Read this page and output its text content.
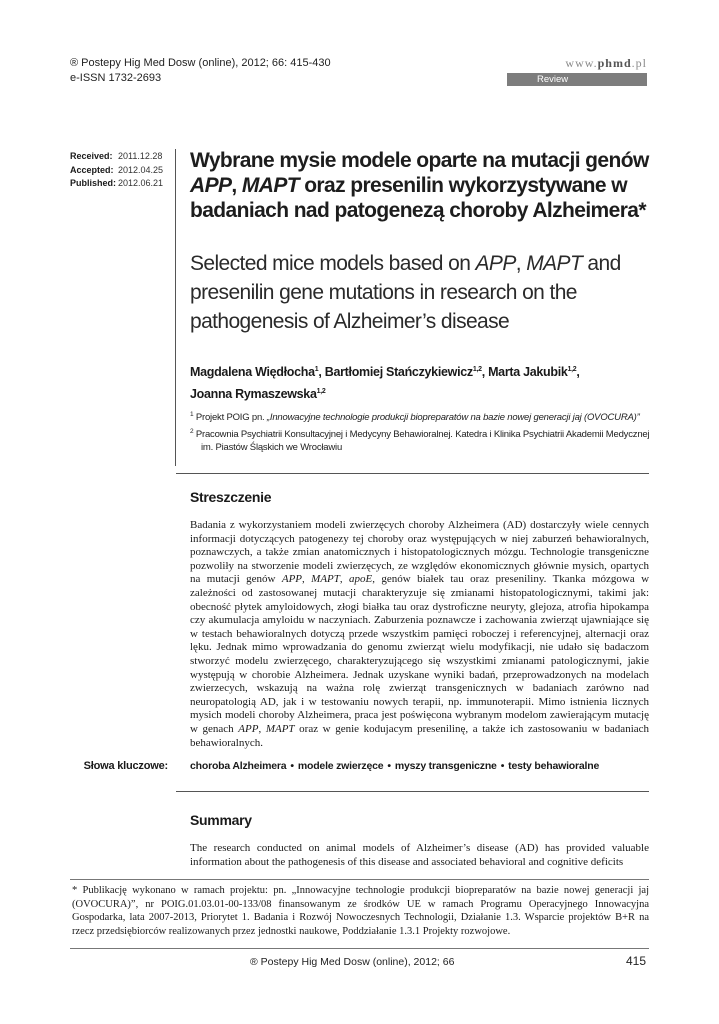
® Postepy Hig Med Dosw (online), 2012; 66: 415-430
e-ISSN 1732-2693
www.phmd.pl
Review
Received: 2011.12.28
Accepted: 2012.04.25
Published: 2012.06.21
Wybrane mysie modele oparte na mutacji genów APP, MAPT oraz presenilin wykorzystywane w badaniach nad patogenezą choroby Alzheimera*
Selected mice models based on APP, MAPT and presenilin gene mutations in research on the pathogenesis of Alzheimer’s disease
Magdalena Więdłocha$^1$, Bartłomiej Stańczykiewicz$^{1,2}$, Marta Jakubik$^{1,2}$,
Joanna Rymaszewska$^{1,2}$
$^1$ Projekt POIG pn. „Innowacyjne technologie produkcji biopreparatów na bazie nowej generacji jaj (OVOCURA)”
$^2$ Pracownia Psychiatrii Konsultacyjnej i Medycyny Behawioralnej. Katedra i Klinika Psychiatrii Akademii Medycznej
im. Piastów Śląskich we Wrocławiu
Streszczenie
Badania z wykorzystaniem modeli zwierzęcych choroby Alzheimera (AD) dostarczyły wiele cennych informacji dotyczących patogenezy tej choroby oraz występujących w niej zaburzeń behawioralnych, poznawczych, a także zmian anatomicznych i histopatologicznych mózgu. Technologie transgeniczne pozwoliły na stworzenie modeli zwierzęcych, ze względów ekonomicznych głównie mysich, opartych na mutacji genów APP, MAPT, apoE, genów białek tau oraz preseniliny. Tkanka mózgowa w zależności od zastosowanej mutacji charakteryzuje się zmianami histopatologicznymi, takimi jak: obecność płytek amyloidowych, złogi białka tau oraz dystroficzne neuryty, glejoza, atrofia hipokampa czy akumulacja amyloidu w naczyniach. Zaburzenia poznawcze i zachowania zwierząt ujawniające się w testach behawioralnych dotyczą przede wszystkim pamięci roboczej i referencyjnej, alternacji oraz lęku. Jednak mimo wprowadzania do genomu zwierząt wielu modyfikacji, nie udało się badaczom stworzyć modelu zwierzęcego, charakteryzującego się wszystkimi zmianami patologicznymi, jakie występują w chorobie Alzheimera. Jednak uzyskane wyniki badań, przeprowadzonych na modelach zwierzecych, wskazują na ważna rolę zwierząt transgenicznych w badaniach zarówno nad neuropatologią AD, jak i w testowaniu nowych terapii, np. immunoterapii. Mimo istnienia licznych mysich modeli choroby Alzheimera, praca jest poświęcona wybranym modelom zawierającym mutację w genach APP, MAPT oraz w genie kodujacym presenilinę, a także ich zastosowaniu w badaniach behawioralnych.
Słowa kluczowe: choroba Alzheimera • modele zwierzęce • myszy transgeniczne • testy behawioralne
Summary
The research conducted on animal models of Alzheimer’s disease (AD) has provided valuable information about the pathogenesis of this disease and associated behavioral and cognitive deficits
* Publikację wykonano w ramach projektu: pn. „Innowacyjne technologie produkcji biopreparatów na bazie nowej generacji jaj (OVOCURA)”, nr POIG.01.03.01-00-133/08 finansowanym ze środków UE w ramach Programu Operacyjnego Innowacyjna Gospodarka, lata 2007-2013, Priorytet 1. Badania i Rozwój Nowoczesnych Technologii, Działanie 1.3. Wsparcie projektów B+R na rzecz przedsiębiorców realizowanych przez jednostki naukowe, Poddziałanie 1.3.1 Projekty rozwojowe.
® Postepy Hig Med Dosw (online), 2012; 66	415
